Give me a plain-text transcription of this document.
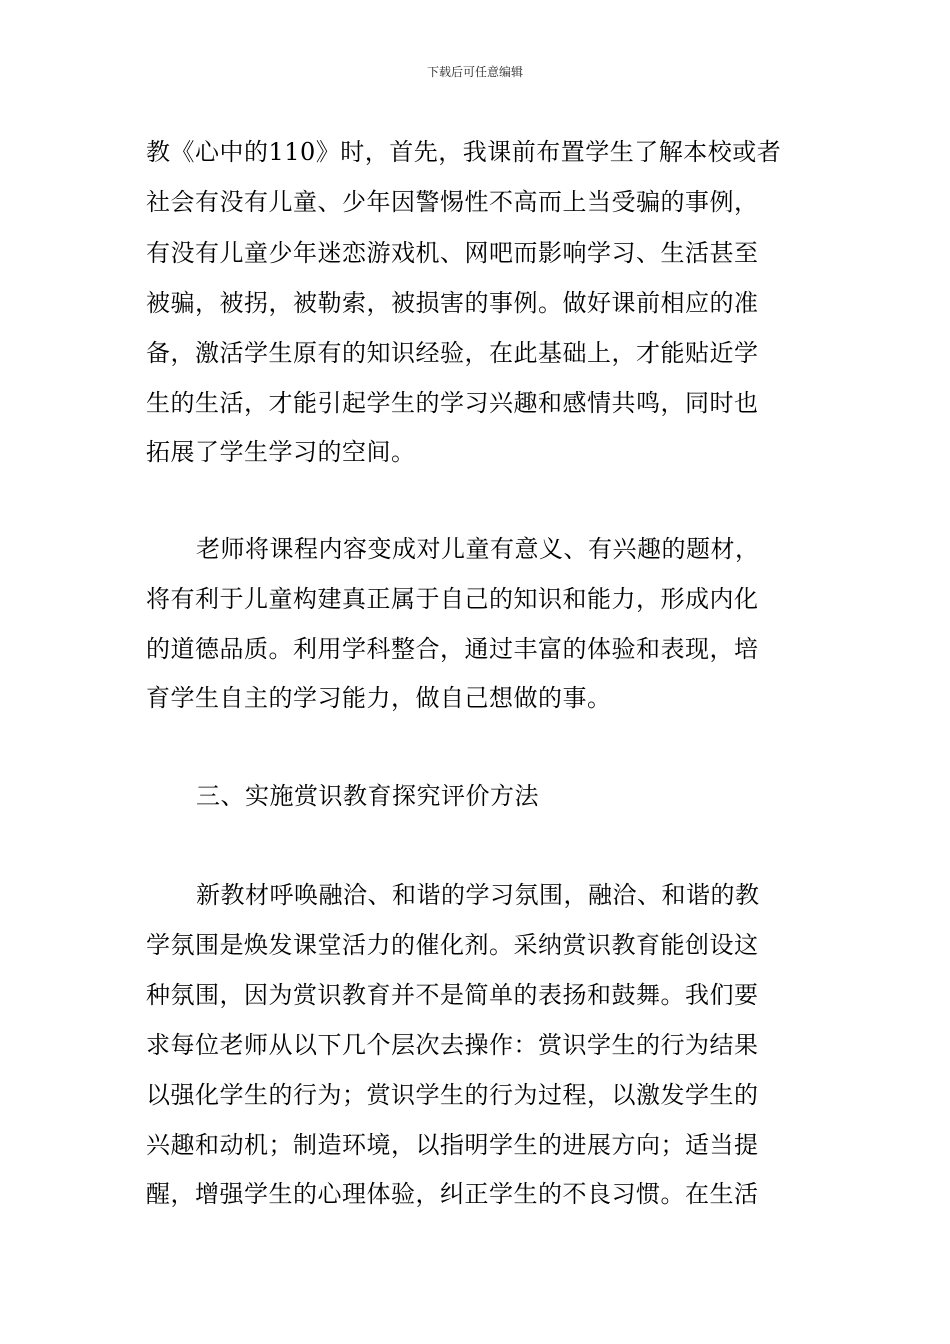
下载后可任意编辑
教《心中的110》时，首先，我课前布置学生了解本校或者
社会有没有儿童、少年因警惕性不高而上当受骗的事例，
有没有儿童少年迷恋游戏机、网吧而影响学习、生活甚至
被骗，被拐，被勒索，被损害的事例。做好课前相应的准
备，激活学生原有的知识经验，在此基础上，才能贴近学
生的生活，才能引起学生的学习兴趣和感情共鸣，同时也
拓展了学生学习的空间。
老师将课程内容变成对儿童有意义、有兴趣的题材，
将有利于儿童构建真正属于自己的知识和能力，形成内化
的道德品质。利用学科整合，通过丰富的体验和表现，培
育学生自主的学习能力，做自己想做的事。
三、实施赏识教育探究评价方法
新教材呼唤融洽、和谐的学习氛围，融洽、和谐的教
学氛围是焕发课堂活力的催化剂。采纳赏识教育能创设这
种氛围，因为赏识教育并不是简单的表扬和鼓舞。我们要
求每位老师从以下几个层次去操作：赏识学生的行为结果
以强化学生的行为；赏识学生的行为过程，以激发学生的
兴趣和动机；制造环境，以指明学生的进展方向；适当提
醒，增强学生的心理体验，纠正学生的不良习惯。在生活
